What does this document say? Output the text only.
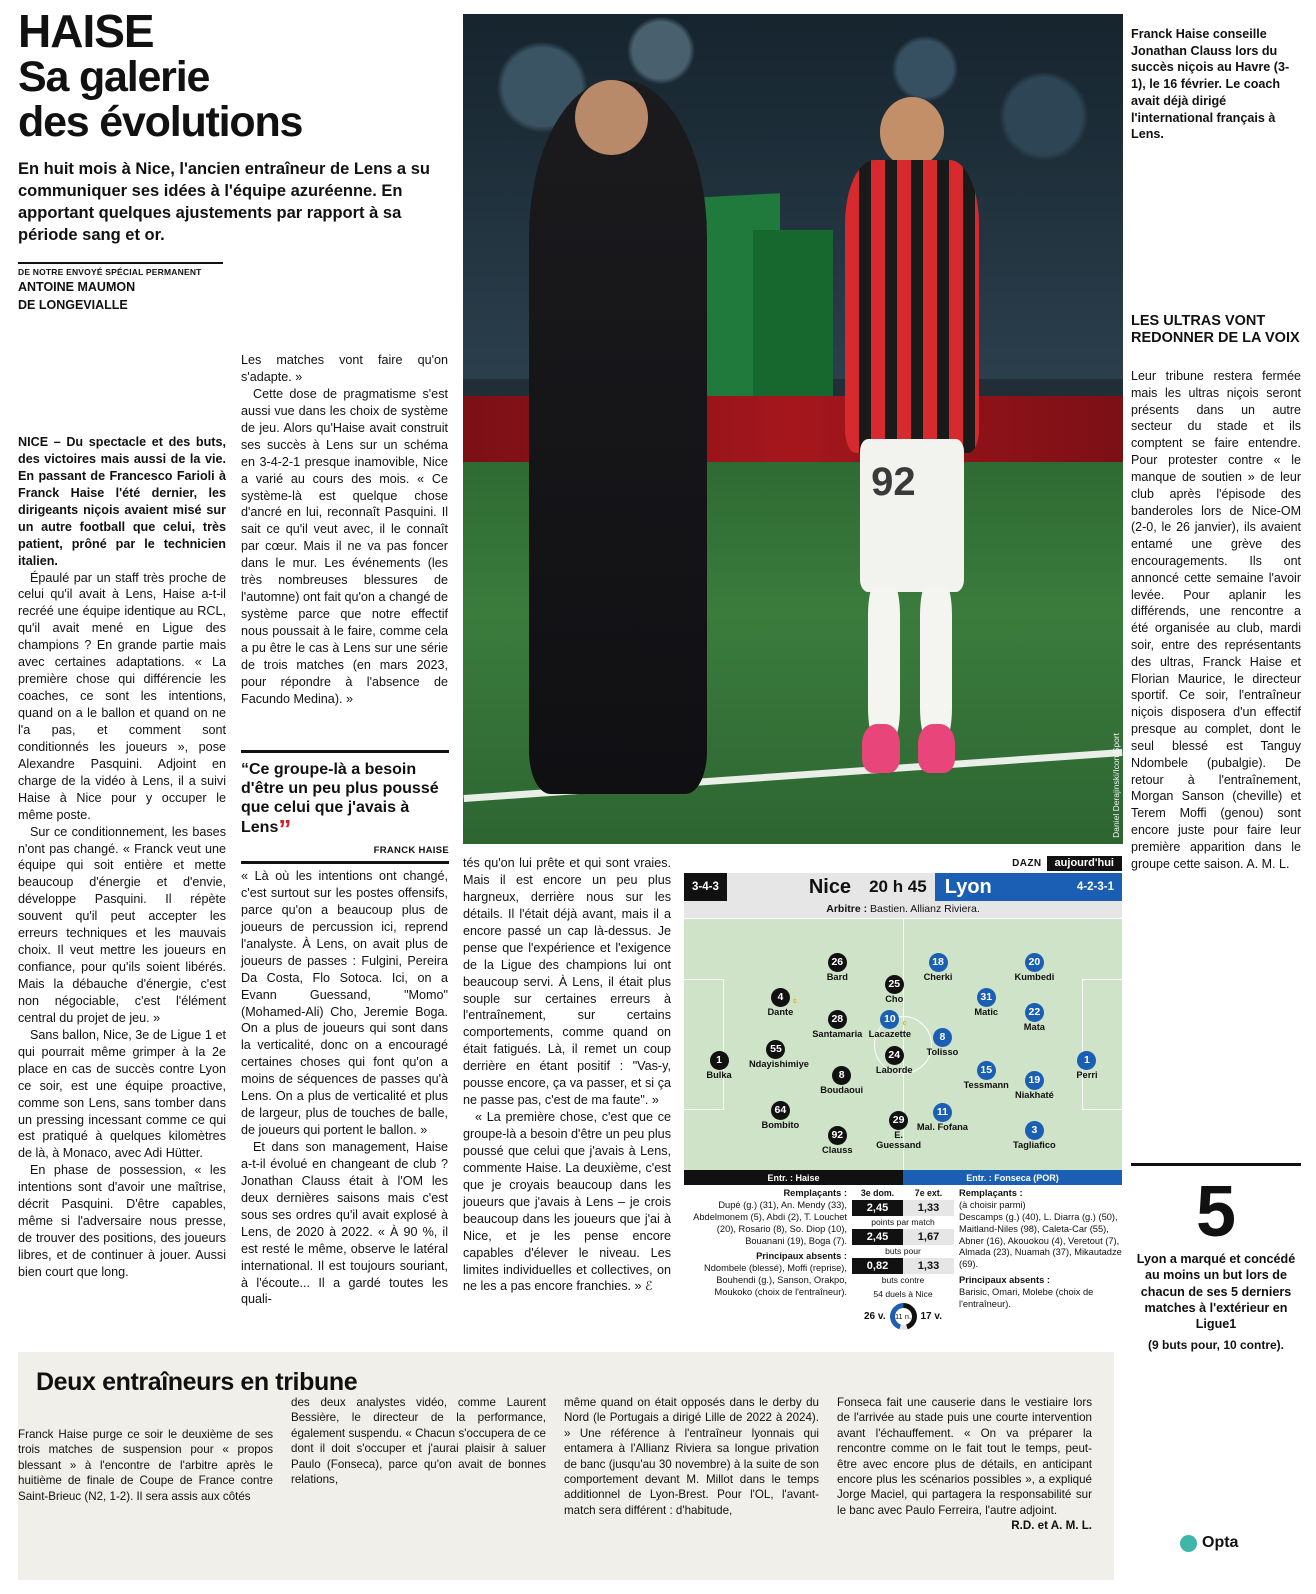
HAISE
Sa galerie
des évolutions
En huit mois à Nice, l'ancien entraîneur de Lens a su communiquer ses idées à l'équipe azuréenne. En apportant quelques ajustements par rapport à sa période sang et or.
DE NOTRE ENVOYÉ SPÉCIAL PERMANENT
ANTOINE MAUMON
DE LONGEVIALLE

NICE – Du spectacle et des buts, des victoires mais aussi de la vie. En passant de Francesco Farioli à Franck Haise l'été dernier, les dirigeants niçois avaient misé sur un autre football que celui, très patient, prôné par le technicien italien.

Épaulé par un staff très proche de celui qu'il avait à Lens, Haise a-t-il recréé une équipe identique au RCL, qu'il avait mené en Ligue des champions ? En grande partie mais avec certaines adaptations. « La première chose qui différencie les coaches, ce sont les intentions, quand on a le ballon et quand on ne l'a pas, et comment sont conditionnés les joueurs », pose Alexandre Pasquini. Adjoint en charge de la vidéo à Lens, il a suivi Haise à Nice pour y occuper le même poste.

Sur ce conditionnement, les bases n'ont pas changé. « Franck veut une équipe qui soit entière et mette beaucoup d'énergie et d'envie, développe Pasquini. Il répète souvent qu'il peut accepter les erreurs techniques et les mauvais choix. Il veut mettre les joueurs en confiance, pour qu'ils soient libérés. Mais la débauche d'énergie, c'est non négociable, c'est l'élément central du projet de jeu. »

Sans ballon, Nice, 3e de Ligue 1 et qui pourrait même grimper à la 2e place en cas de succès contre Lyon ce soir, est une équipe proactive, comme son Lens, sans tomber dans un pressing incessant comme ce qui est pratiqué à quelques kilomètres de là, à Monaco, avec Adi Hütter.

En phase de possession, « les intentions sont d'avoir une maîtrise, décrit Pasquini. D'être capables, même si l'adversaire nous presse, de trouver des positions, des joueurs libres, et de continuer à jouer. Aussi bien court que long.

Les matches vont faire qu'on s'adapte. »

Cette dose de pragmatisme s'est aussi vue dans les choix de système de jeu. Alors qu'Haise avait construit ses succès à Lens sur un schéma en 3-4-2-1 presque inamovible, Nice a varié au cours des mois. « Ce système-là est quelque chose d'ancré en lui, reconnaît Pasquini. Il sait ce qu'il veut avec, il le connaît par cœur. Mais il ne va pas foncer dans le mur. Les événements (les très nombreuses blessures de l'automne) ont fait qu'on a changé de système parce que notre effectif nous poussait à le faire, comme cela a pu être le cas à Lens sur une série de trois matches (en mars 2023, pour répondre à l'absence de Facundo Medina). »

“Ce groupe-là a besoin d'être un peu plus poussé que celui que j'avais à Lens”
FRANCK HAISE

« Là où les intentions ont changé, c'est surtout sur les postes offensifs, parce qu'on a beaucoup plus de joueurs de percussion ici, reprend l'analyste. À Lens, on avait plus de joueurs de passes : Fulgini, Pereira Da Costa, Flo Sotoca. Ici, on a Evann Guessand, "Momo" (Mohamed-Ali) Cho, Jeremie Boga. On a plus de joueurs qui sont dans la verticalité, donc on a encouragé certaines choses qui font qu'on a moins de séquences de passes qu'à Lens. On a plus de verticalité et plus de largeur, plus de touches de balle, de joueurs qui portent le ballon. »

Et dans son management, Haise a-t-il évolué en changeant de club ? Jonathan Clauss était à l'OM les deux dernières saisons mais c'est sous ses ordres qu'il avait explosé à Lens, de 2020 à 2022. « À 90 %, il est resté le même, observe le latéral international. Il est toujours souriant, à l'écoute... Il a gardé toutes les quali-

tés qu'on lui prête et qui sont vraies. Mais il est encore un peu plus hargneux, derrière nous sur les détails. Il l'était déjà avant, mais il a encore passé un cap là-dessus. Je pense que l'expérience et l'exigence de la Ligue des champions lui ont beaucoup servi. À Lens, il était plus souple sur certaines erreurs à l'entraînement, sur certains comportements, comme quand on était fatigués. Là, il remet un coup derrière en étant positif : "Vas-y, pousse encore, ça va passer, et si ça ne passe pas, c'est de ma faute". »

« La première chose, c'est que ce groupe-là a besoin d'être un peu plus poussé que celui que j'avais à Lens, commente Haise. La deuxième, c'est que je croyais beaucoup dans les joueurs que j'avais à Lens – je crois beaucoup dans les joueurs que j'ai à Nice, et je les pense encore capables d'élever le niveau. Les limites individuelles et collectives, on ne les a pas encore franchies. » ℰ

92
Daniel Derajinski/Icon Sport
Franck Haise conseille Jonathan Clauss lors du succès niçois au Havre (3-1), le 16 février. Le coach avait déjà dirigé l'international français à Lens.
LES ULTRAS VONT REDONNER DE LA VOIX
Leur tribune restera fermée mais les ultras niçois seront présents dans un autre secteur du stade et ils comptent se faire entendre. Pour protester contre « le manque de soutien » de leur club après l'épisode des banderoles lors de Nice-OM (2-0, le 26 janvier), ils avaient entamé une grève des encouragements. Ils ont annoncé cette semaine l'avoir levée. Pour aplanir les différends, une rencontre a été organisée au club, mardi soir, entre des représentants des ultras, Franck Haise et Florian Maurice, le directeur sportif. Ce soir, l'entraîneur niçois disposera d'un effectif presque au complet, dont le seul blessé est Tanguy Ndombele (pubalgie). De retour à l'entraînement, Morgan Sanson (cheville) et Terem Moffi (genou) sont encore juste pour faire leur première apparition dans le groupe cette saison. A. M. L.
5
Lyon a marqué et concédé au moins un but lors de chacun de ses 5 derniers matches à l'extérieur en Ligue1
(9 buts pour, 10 contre).
Opta
DAZN	aujourd'hui
3-4-3	Nice	20 h 45 Lyon	4-2-3-1
Arbitre : Bastien. Allianz Riviera.
1
Bulka
4 c
Dante
55
Ndayishimiye
64
Bombito
26
Bard
28
Santamaria
8
Boudaoui
92
Clauss
25
Cho
24
Laborde
29
E. Guessand
1
Perri
20
Kumbedi
22
Mata
19
Niakhaté
3
Tagliafico
31
Matic
15
Tessmann
18
Cherki
8
Tolisso
11
Mal. Fofana
10 c
Lacazette
Entr. : Haise	Entr. : Fonseca (POR)
Remplaçants :
Dupé (g.) (31), An. Mendy (33), Abdelmonem (5), Abdi (2), T. Louchet (20), Rosario (8), So. Diop (10), Bouanani (19), Boga (7).
Principaux absents :
Ndombele (blessé), Moffi (reprise), Bouhendi (g.), Sanson, Orakpo, Moukoko (choix de l'entraîneur).
3e dom.	7e ext.
2,45	1,33
points par match
2,45	1,67
buts pour
0,82	1,33
buts contre
54 duels à Nice
26 v. 11 n. 17 v.
Remplaçants :
(à choisir parmi)
Descamps (g.) (40), L. Diarra (g.) (50), Maitland-Niles (98), Caleta-Car (55), Abner (16), Akouokou (4), Veretout (7), Almada (23), Nuamah (37), Mikautadze (69).
Principaux absents :
Barisic, Omari, Molebe (choix de l'entraîneur).
Deux entraîneurs en tribune

Franck Haise purge ce soir le deuxième de ses trois matches de suspension pour « propos blessant » à l'encontre de l'arbitre après le huitième de finale de Coupe de France contre Saint-Brieuc (N2, 1-2). Il sera assis aux côtés

des deux analystes vidéo, comme Laurent Bessière, le directeur de la performance, également suspendu. « Chacun s'occupera de ce dont il doit s'occuper et j'aurai plaisir à saluer Paulo (Fonseca), parce qu'on avait de bonnes relations,

même quand on était opposés dans le derby du Nord (le Portugais a dirigé Lille de 2022 à 2024). » Une référence à l'entraîneur lyonnais qui entamera à l'Allianz Riviera sa longue privation de banc (jusqu'au 30 novembre) à la suite de son comportement devant M. Millot dans le temps additionnel de Lyon-Brest. Pour l'OL, l'avant-match sera différent : d'habitude,

Fonseca fait une causerie dans le vestiaire lors de l'arrivée au stade puis une courte intervention avant l'échauffement. « On va préparer la rencontre comme on le fait tout le temps, peut-être avec encore plus de détails, en anticipant encore plus les scénarios possibles », a expliqué Jorge Maciel, qui partagera la responsabilité sur le banc avec Paulo Ferreira, l'autre adjoint.

R.D. et A. M. L.
